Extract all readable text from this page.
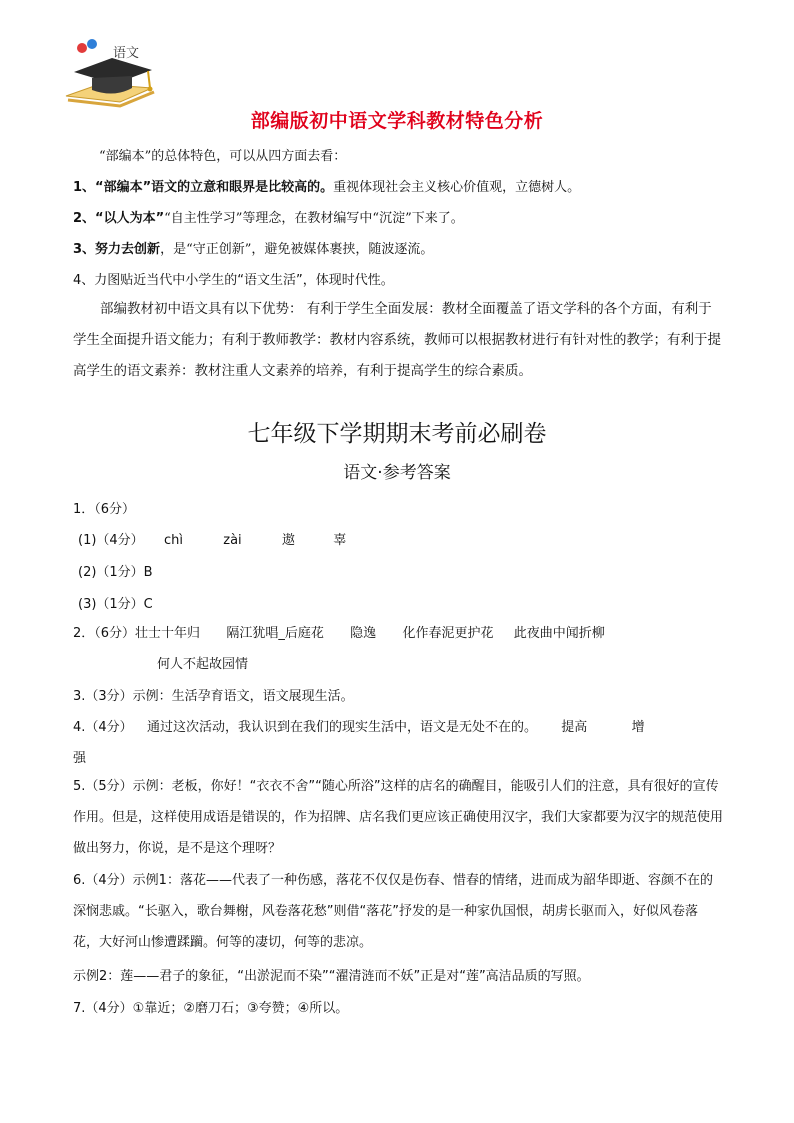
语文
部编版初中语文学科教材特色分析
“部编本”的总体特色，可以从四方面去看：
1、“部编本”语文的立意和眼界是比较高的。重视体现社会主义核心价值观，立德树人。
2、“以人为本”“自主性学习”等理念，在教材编写中“沉淀”下来了。
3、努力去创新，是“守正创新”，避免被媒体裹挟，随波逐流。
4、力图贴近当代中小学生的“语文生活”，体现时代性。
部编教材初中语文具有以下优势： 有利于学生全面发展：教材全面覆盖了语文学科的各个方面，有利于学生全面提升语文能力；有利于教师教学：教材内容系统，教师可以根据教材进行有针对性的教学；有利于提高学生的语文素养：教材注重人文素养的培养，有利于提高学生的综合素质。
七年级下学期期末考前必刷卷
语文·参考答案
1．（6分）
(1)（4分） chì	zài	遨	辜
(2)（1分）B
(3)（1分）C
2．（6分）壮士十年归 隔江犹唱_后庭花 隐逸 化作春泥更护花 此夜曲中闻折柳
何人不起故园情
3.（3分）示例：生活孕育语文，语文展现生活。
4.（4分） 通过这次活动，我认识到在我们的现实生活中，语文是无处不在的。 提高	增
强
5.（5分）示例：老板，你好！“衣衣不舍”“随心所浴”这样的店名的确醒目，能吸引人们的注意，具有很好的宣传作用。但是，这样使用成语是错误的，作为招牌、店名我们更应该正确使用汉字，我们大家都要为汉字的规范使用做出努力，你说，是不是这个理呀？
6.（4分）示例1：落花——代表了一种伤感，落花不仅仅是伤春、惜春的情绪，进而成为韶华即逝、容颜不在的深悯悲戚。“长驱入，歌台舞榭，风卷落花愁”则借“落花”抒发的是一种家仇国恨，胡虏长驱而入，好似风卷落花，大好河山惨遭蹂躏。何等的凄切，何等的悲凉。
示例2：莲——君子的象征，“出淤泥而不染”“濯清涟而不妖”正是对“莲”高洁品质的写照。
7.（4分）①靠近；②磨刀石；③夸赞；④所以。
